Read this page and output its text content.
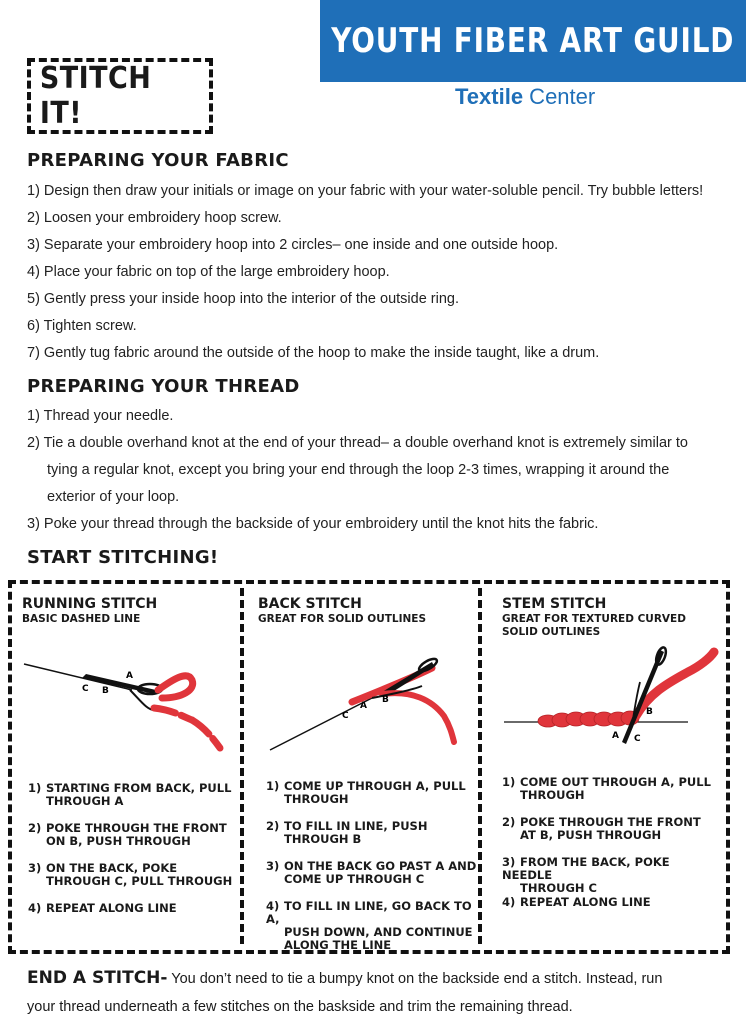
YOUTH FIBER ART GUILD
Textile Center
STITCH IT!
PREPARING YOUR FABRIC
1) Design then draw your initials or image on your fabric with your water-soluble pencil. Try bubble letters!
2) Loosen your embroidery hoop screw.
3) Separate your embroidery hoop into 2 circles– one inside and one outside hoop.
4) Place your fabric on top of the large embroidery hoop.
5) Gently press your inside hoop into the interior of the outside ring.
6) Tighten screw.
7) Gently tug fabric around the outside of the hoop to make the inside taught, like a drum.
PREPARING YOUR THREAD
1) Thread your needle.
2) Tie a double overhand knot at the end of your thread– a double overhand knot is extremely similar to
tying a regular knot, except you bring your end through the loop 2-3 times, wrapping it around the
exterior of your loop.
3) Poke your thread through the backside of your embroidery until the knot hits the fabric.
START STITCHING!
RUNNING STITCH
BASIC DASHED LINE
C B
A
1) STARTING FROM BACK, PULL
THROUGH A
2) POKE THROUGH THE FRONT
ON B, PUSH THROUGH
3) ON THE BACK, POKE
THROUGH C, PULL THROUGH
4) REPEAT ALONG LINE
BACK STITCH
GREAT FOR SOLID OUTLINES
C
A
B
1) COME UP THROUGH A, PULL
THROUGH
2) TO FILL IN LINE, PUSH
THROUGH B
3) ON THE BACK GO PAST A AND
COME UP THROUGH C
4) TO FILL IN LINE, GO BACK TO A,
PUSH DOWN, AND CONTINUE
ALONG THE LINE
STEM STITCH
GREAT FOR TEXTURED CURVED
SOLID OUTLINES
B
A C
1) COME OUT THROUGH A, PULL
THROUGH
2) POKE THROUGH THE FRONT
AT B, PUSH THROUGH
3) FROM THE BACK, POKE NEEDLE
THROUGH C
4) REPEAT ALONG LINE
END A STITCH- You don’t need to tie a bumpy knot on the backside end a stitch. Instead, run
your thread underneath a few stitches on the baskside and trim the remaining thread.
